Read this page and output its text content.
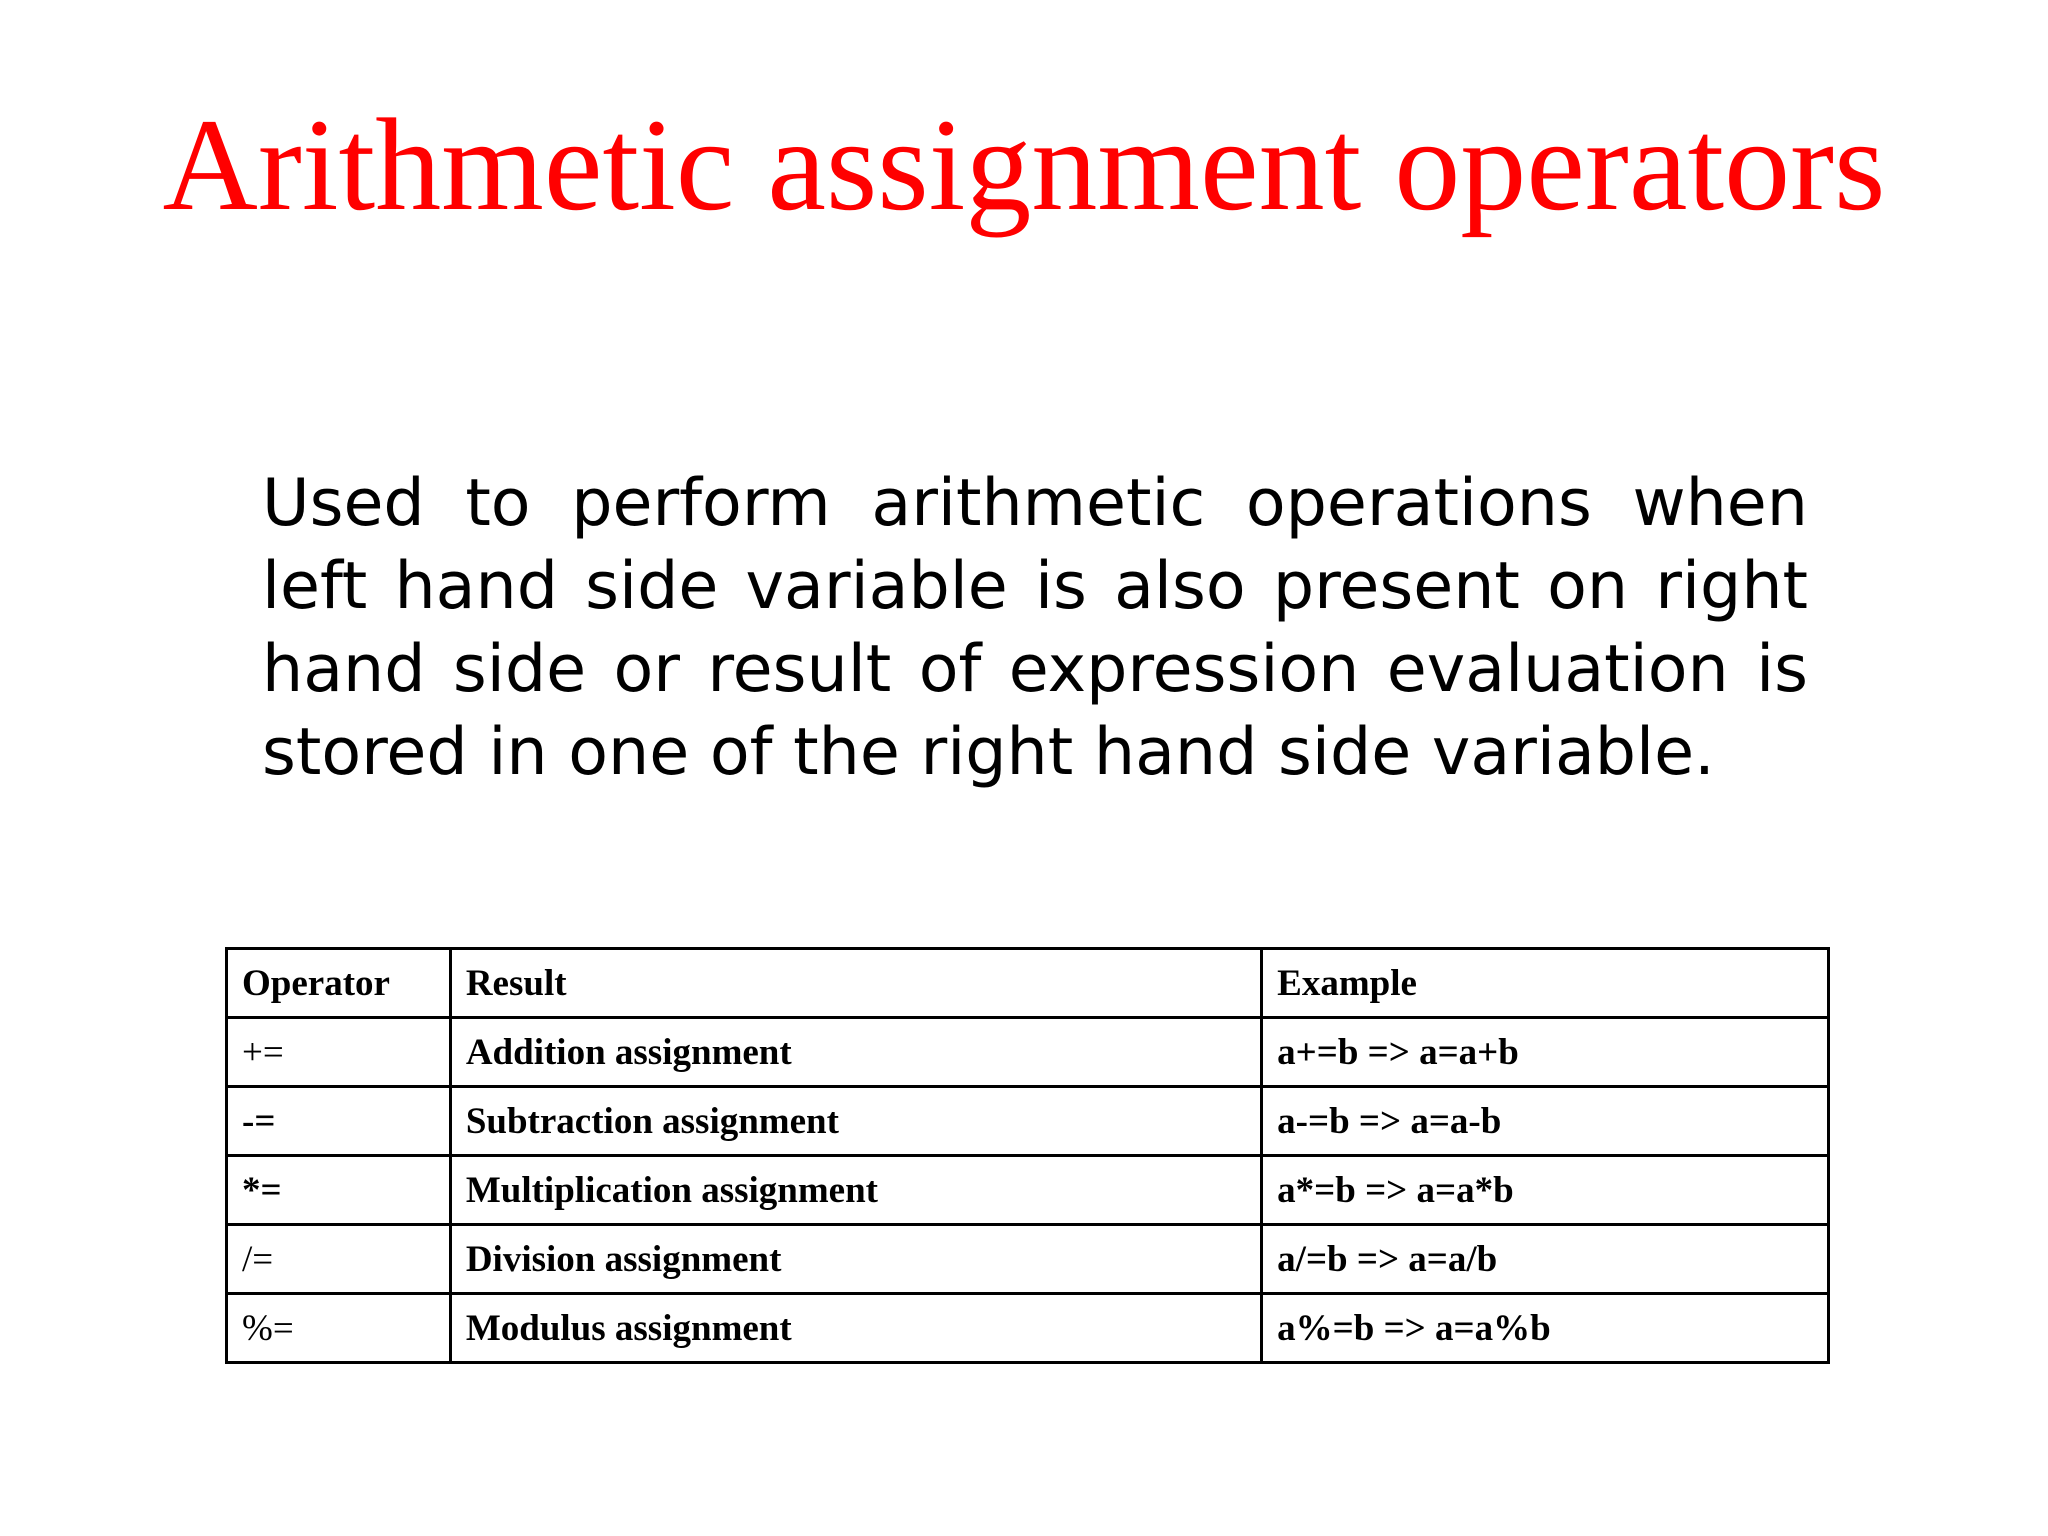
Arithmetic assignment operators

Used to perform arithmetic operations when left hand side variable is also present on right hand side or result of expression evaluation is stored in one of the right hand side variable.

Operator	Result	Example
+=	Addition assignment	a+=b => a=a+b
-=	Subtraction assignment	a-=b => a=a-b
*=	Multiplication assignment	a*=b => a=a*b
/=	Division assignment	a/=b => a=a/b
%=	Modulus assignment	a%=b => a=a%b
